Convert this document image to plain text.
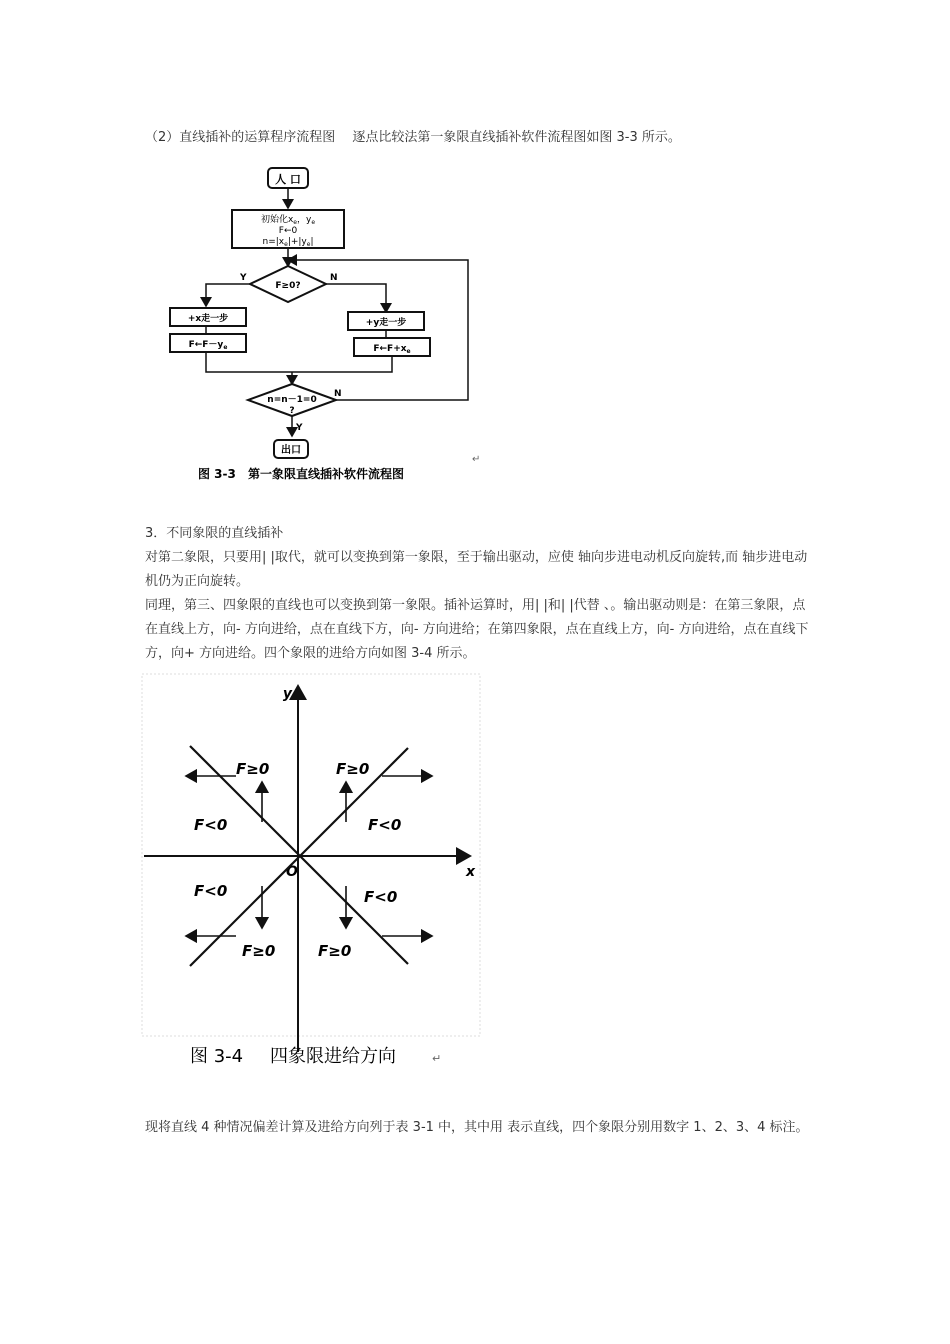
（2）直线插补的运算程序流程图　 逐点比较法第一象限直线插补软件流程图如图 3-3 所示。
人 口
初始化$x_e$，$y_e$
F←0
$n=|x_e|+|y_e|$
F≥0?
Y	N
+x走一步
$F\leftarrow F-y_e$
+y走一步
$F\leftarrow F+x_e$
n=n－1=0
?
N
Y
出口
↵
图 3-3 第一象限直线插补软件流程图
3．不同象限的直线插补
对第二象限，只要用| |取代，就可以变换到第一象限，至于输出驱动，应使 轴向步进电动机反向旋转,而 轴步进电动机仍为正向旋转。
同理，第三、四象限的直线也可以变换到第一象限。插补运算时，用| |和| |代替 、。输出驱动则是：在第三象限，点在直线上方，向- 方向进给，点在直线下方，向- 方向进给；在第四象限，点在直线上方，向- 方向进给，点在直线下方，向+ 方向进给。四个象限的进给方向如图 3-4 所示。
y
x
O
F≥0
F<0
F≥0
F<0
F<0
F≥0
F<0
F≥0
图 3-4 四象限进给方向	↵
现将直线 4 种情况偏差计算及进给方向列于表 3-1 中，其中用 表示直线，四个象限分别用数字 1、2、3、4 标注。
